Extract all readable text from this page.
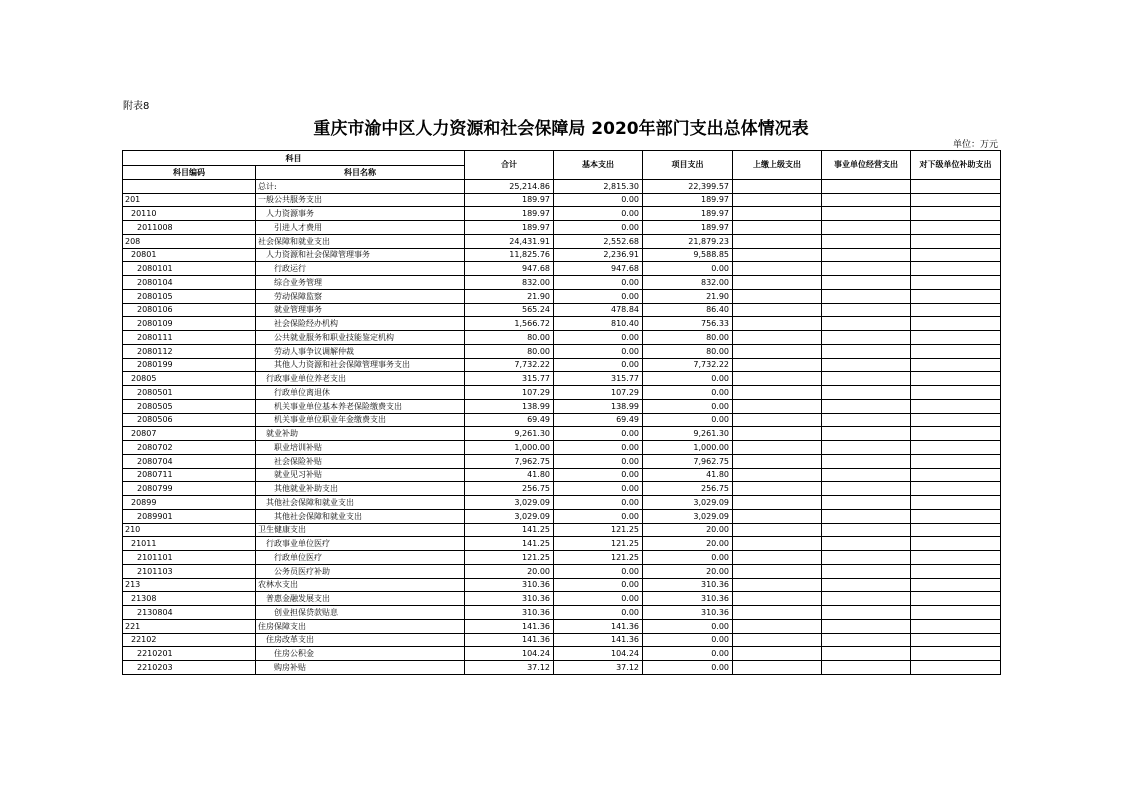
附表8
重庆市渝中区人力资源和社会保障局 2020年部门支出总体情况表
单位：万元
科目		合计	基本支出	项目支出	上缴上级支出	事业单位经营支出	对下级单位补助支出
科目编码	科目名称						
	总计:	25,214.86	2,815.30	22,399.57			
201	一般公共服务支出	189.97	0.00	189.97			
20110	人力资源事务	189.97	0.00	189.97			
2011008	引进人才费用	189.97	0.00	189.97			
208	社会保障和就业支出	24,431.91	2,552.68	21,879.23			
20801	人力资源和社会保障管理事务	11,825.76	2,236.91	9,588.85			
2080101	行政运行	947.68	947.68	0.00			
2080104	综合业务管理	832.00	0.00	832.00			
2080105	劳动保障监察	21.90	0.00	21.90			
2080106	就业管理事务	565.24	478.84	86.40			
2080109	社会保险经办机构	1,566.72	810.40	756.33			
2080111	公共就业服务和职业技能鉴定机构	80.00	0.00	80.00			
2080112	劳动人事争议调解仲裁	80.00	0.00	80.00			
2080199	其他人力资源和社会保障管理事务支出	7,732.22	0.00	7,732.22			
20805	行政事业单位养老支出	315.77	315.77	0.00			
2080501	行政单位离退休	107.29	107.29	0.00			
2080505	机关事业单位基本养老保险缴费支出	138.99	138.99	0.00			
2080506	机关事业单位职业年金缴费支出	69.49	69.49	0.00			
20807	就业补助	9,261.30	0.00	9,261.30			
2080702	职业培训补贴	1,000.00	0.00	1,000.00			
2080704	社会保险补贴	7,962.75	0.00	7,962.75			
2080711	就业见习补贴	41.80	0.00	41.80			
2080799	其他就业补助支出	256.75	0.00	256.75			
20899	其他社会保障和就业支出	3,029.09	0.00	3,029.09			
2089901	其他社会保障和就业支出	3,029.09	0.00	3,029.09			
210	卫生健康支出	141.25	121.25	20.00			
21011	行政事业单位医疗	141.25	121.25	20.00			
2101101	行政单位医疗	121.25	121.25	0.00			
2101103	公务员医疗补助	20.00	0.00	20.00			
213	农林水支出	310.36	0.00	310.36			
21308	普惠金融发展支出	310.36	0.00	310.36			
2130804	创业担保贷款贴息	310.36	0.00	310.36			
221	住房保障支出	141.36	141.36	0.00			
22102	住房改革支出	141.36	141.36	0.00			
2210201	住房公积金	104.24	104.24	0.00			
2210203	购房补贴	37.12	37.12	0.00			
